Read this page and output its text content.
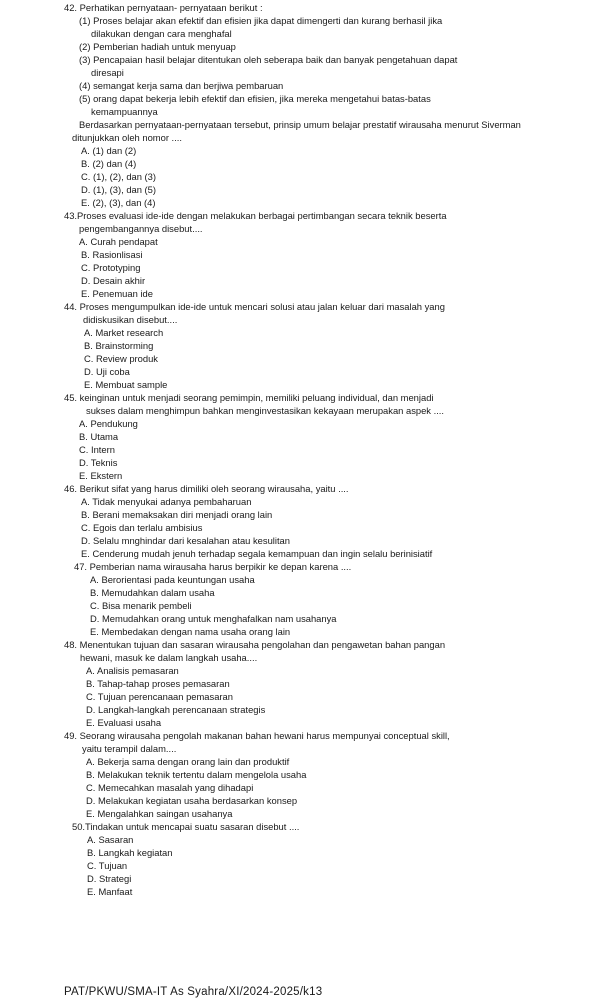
42. Perhatikan pernyataan- pernyataan berikut :
(1) Proses belajar akan efektif dan efisien jika dapat dimengerti dan kurang berhasil jika
dilakukan dengan cara menghafal
(2) Pemberian hadiah untuk menyuap
(3) Pencapaian hasil belajar ditentukan oleh seberapa baik dan banyak pengetahuan dapat
diresapi
(4) semangat kerja sama dan berjiwa pembaruan
(5) orang dapat bekerja lebih efektif dan efisien, jika mereka mengetahui batas-batas
kemampuannya
Berdasarkan pernyataan-pernyataan tersebut, prinsip umum belajar prestatif wirausaha menurut Siverman
ditunjukkan oleh nomor ....
A. (1) dan (2)
B. (2) dan (4)
C. (1), (2), dan (3)
D. (1), (3), dan (5)
E. (2), (3), dan (4)
43.Proses evaluasi ide-ide dengan melakukan berbagai pertimbangan secara teknik beserta
pengembangannya disebut....
A. Curah pendapat
B. Rasionlisasi
C. Prototyping
D. Desain akhir
E. Penemuan ide
44. Proses mengumpulkan ide-ide untuk mencari solusi atau jalan keluar dari masalah yang
didiskusikan disebut....
A. Market research
B. Brainstorming
C. Review produk
D. Uji coba
E. Membuat sample
45. keinginan untuk menjadi seorang pemimpin, memiliki peluang individual, dan menjadi
sukses dalam menghimpun bahkan menginvestasikan kekayaan merupakan aspek ....
A. Pendukung
B. Utama
C. Intern
D. Teknis
E. Ekstern
46. Berikut sifat yang harus dimiliki oleh seorang wirausaha, yaitu ....
A. Tidak menyukai adanya pembaharuan
B. Berani memaksakan diri menjadi orang lain
C. Egois dan terlalu ambisius
D. Selalu mnghindar dari kesalahan atau kesulitan
E. Cenderung mudah jenuh terhadap segala kemampuan dan ingin selalu berinisiatif
47. Pemberian nama wirausaha harus berpikir ke depan karena ....
A. Berorientasi pada keuntungan usaha
B. Memudahkan dalam usaha
C. Bisa menarik pembeli
D. Memudahkan orang untuk menghafalkan nam usahanya
E. Membedakan dengan nama usaha orang lain
48. Menentukan tujuan dan sasaran wirausaha pengolahan dan pengawetan bahan pangan
hewani, masuk ke dalam langkah usaha....
A. Analisis pemasaran
B. Tahap-tahap proses pemasaran
C. Tujuan perencanaan pemasaran
D. Langkah-langkah perencanaan strategis
E. Evaluasi usaha
49. Seorang wirausaha pengolah makanan bahan hewani harus mempunyai conceptual skill,
yaitu terampil dalam....
A. Bekerja sama dengan orang lain dan produktif
B. Melakukan teknik tertentu dalam mengelola usaha
C. Memecahkan masalah yang dihadapi
D. Melakukan kegiatan usaha berdasarkan konsep
E. Mengalahkan saingan usahanya
50.Tindakan untuk mencapai suatu sasaran disebut ....
A. Sasaran
B. Langkah kegiatan
C. Tujuan
D. Strategi
E. Manfaat
PAT/PKWU/SMA-IT As Syahra/XI/2024-2025/k13
